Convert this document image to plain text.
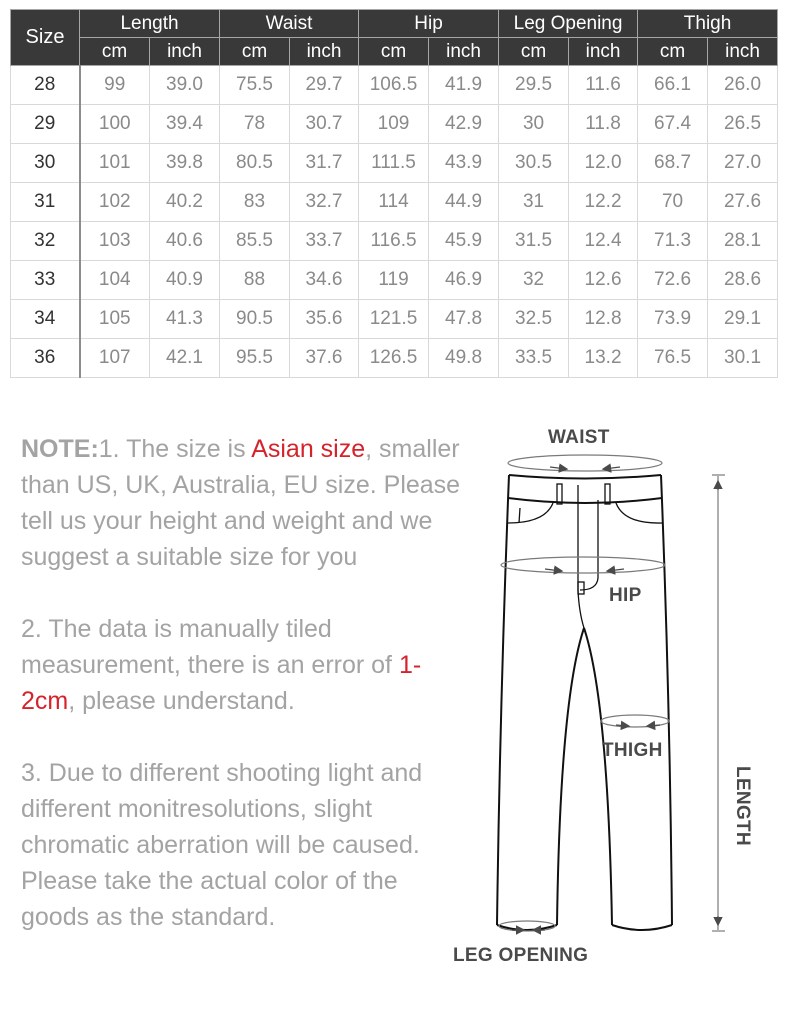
Size	Length		Waist		Hip		Leg Opening		Thigh	
	cm	inch	cm	inch	cm	inch	cm	inch	cm	inch
28	99	39.0	75.5	29.7	106.5	41.9	29.5	11.6	66.1	26.0
29	100	39.4	78	30.7	109	42.9	30	11.8	67.4	26.5
30	101	39.8	80.5	31.7	111.5	43.9	30.5	12.0	68.7	27.0
31	102	40.2	83	32.7	114	44.9	31	12.2	70	27.6
32	103	40.6	85.5	33.7	116.5	45.9	31.5	12.4	71.3	28.1
33	104	40.9	88	34.6	119	46.9	32	12.6	72.6	28.6
34	105	41.3	90.5	35.6	121.5	47.8	32.5	12.8	73.9	29.1
36	107	42.1	95.5	37.6	126.5	49.8	33.5	13.2	76.5	30.1

NOTE:1. The size is Asian size, smaller than US, UK, Australia, EU size. Please tell us your height and weight and we suggest a suitable size for you

2. The data is manually tiled measurement, there is an error of 1-2cm, please understand.

3. Due to different shooting light and different monitresolutions, slight chromatic aberration will be caused. Please take the actual color of the goods as the standard.

WAIST
HIP
THIGH
LEG OPENING
LENGTH
